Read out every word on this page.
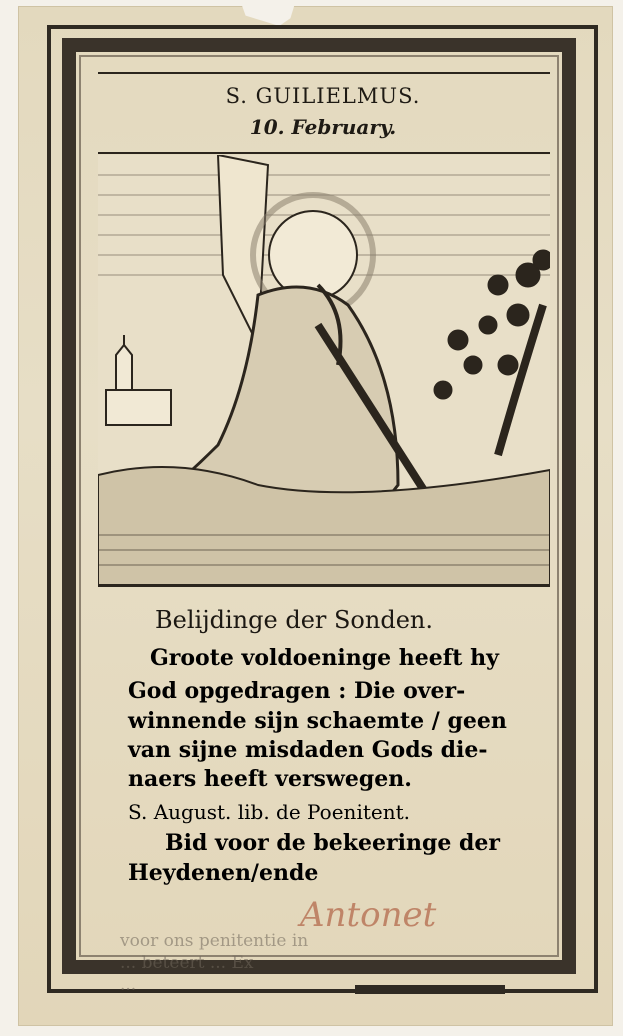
S. GUILIELMUS.
10. February.
Belijdinge der Sonden.
Groote voldoeninge heeft hy
God opgedragen : Die over-
winnende sijn schaemte / geen
van sijne misdaden Gods die-
naers heeft verswegen.
S. August. lib. de Poenitent.
Bid voor de bekeeringe der
Heydenen/ende
Antonet
voor ons penitentie in
... beteert ... Ex
...
